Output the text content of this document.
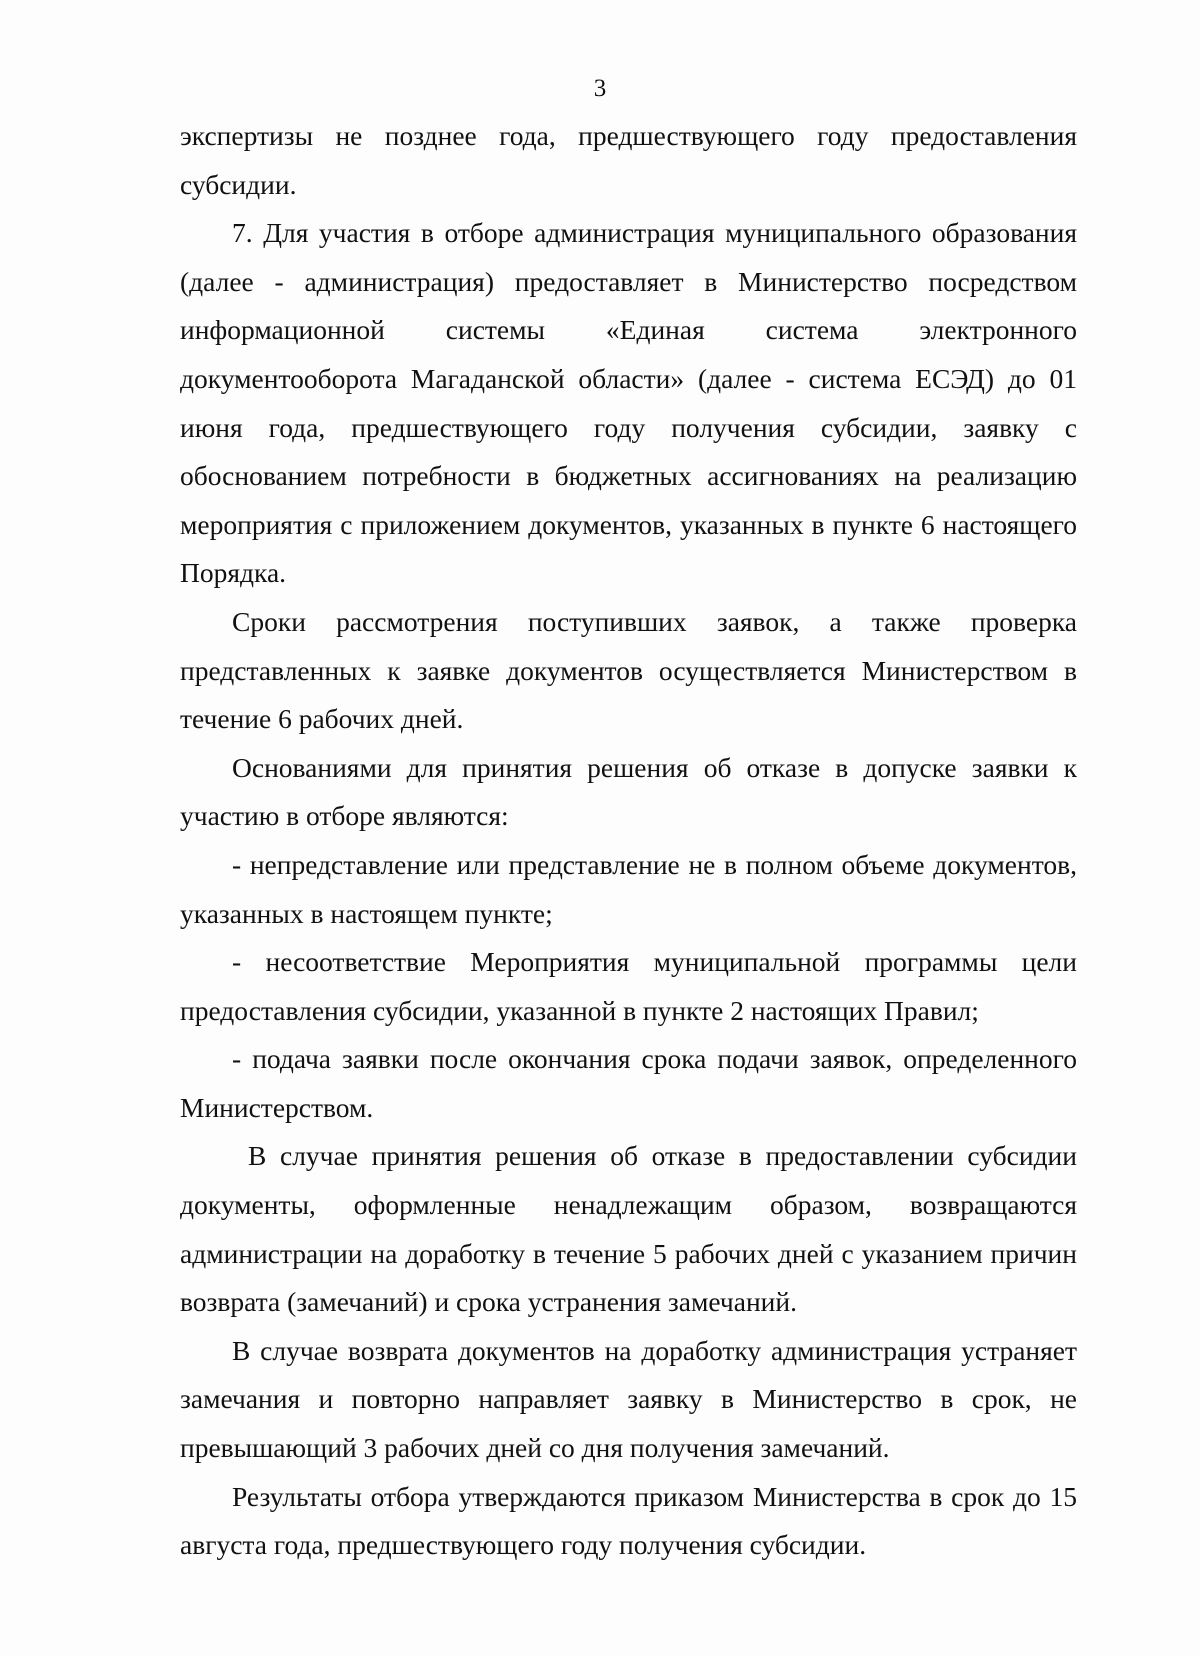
3

экспертизы не позднее года, предшествующего году предоставления субсидии.

7. Для участия в отборе администрация муниципального образования (далее - администрация) предоставляет в Министерство посредством информационной системы «Единая система электронного документооборота Магаданской области» (далее - система ЕСЭД) до 01 июня года, предшествующего году получения субсидии, заявку с обоснованием потребности в бюджетных ассигнованиях на реализацию мероприятия с приложением документов, указанных в пункте 6 настоящего Порядка.

Сроки рассмотрения поступивших заявок, а также проверка представленных к заявке документов осуществляется Министерством в течение 6 рабочих дней.

Основаниями для принятия решения об отказе в допуске заявки к участию в отборе являются:

- непредставление или представление не в полном объеме документов, указанных в настоящем пункте;

- несоответствие Мероприятия муниципальной программы цели предоставления субсидии, указанной в пункте 2 настоящих Правил;

- подача заявки после окончания срока подачи заявок, определенного Министерством.

В случае принятия решения об отказе в предоставлении субсидии документы, оформленные ненадлежащим образом, возвращаются администрации на доработку в течение 5 рабочих дней с указанием причин возврата (замечаний) и срока устранения замечаний.

В случае возврата документов на доработку администрация устраняет замечания и повторно направляет заявку в Министерство в срок, не превышающий 3 рабочих дней со дня получения замечаний.

Результаты отбора утверждаются приказом Министерства в срок до 15 августа года, предшествующего году получения субсидии.
